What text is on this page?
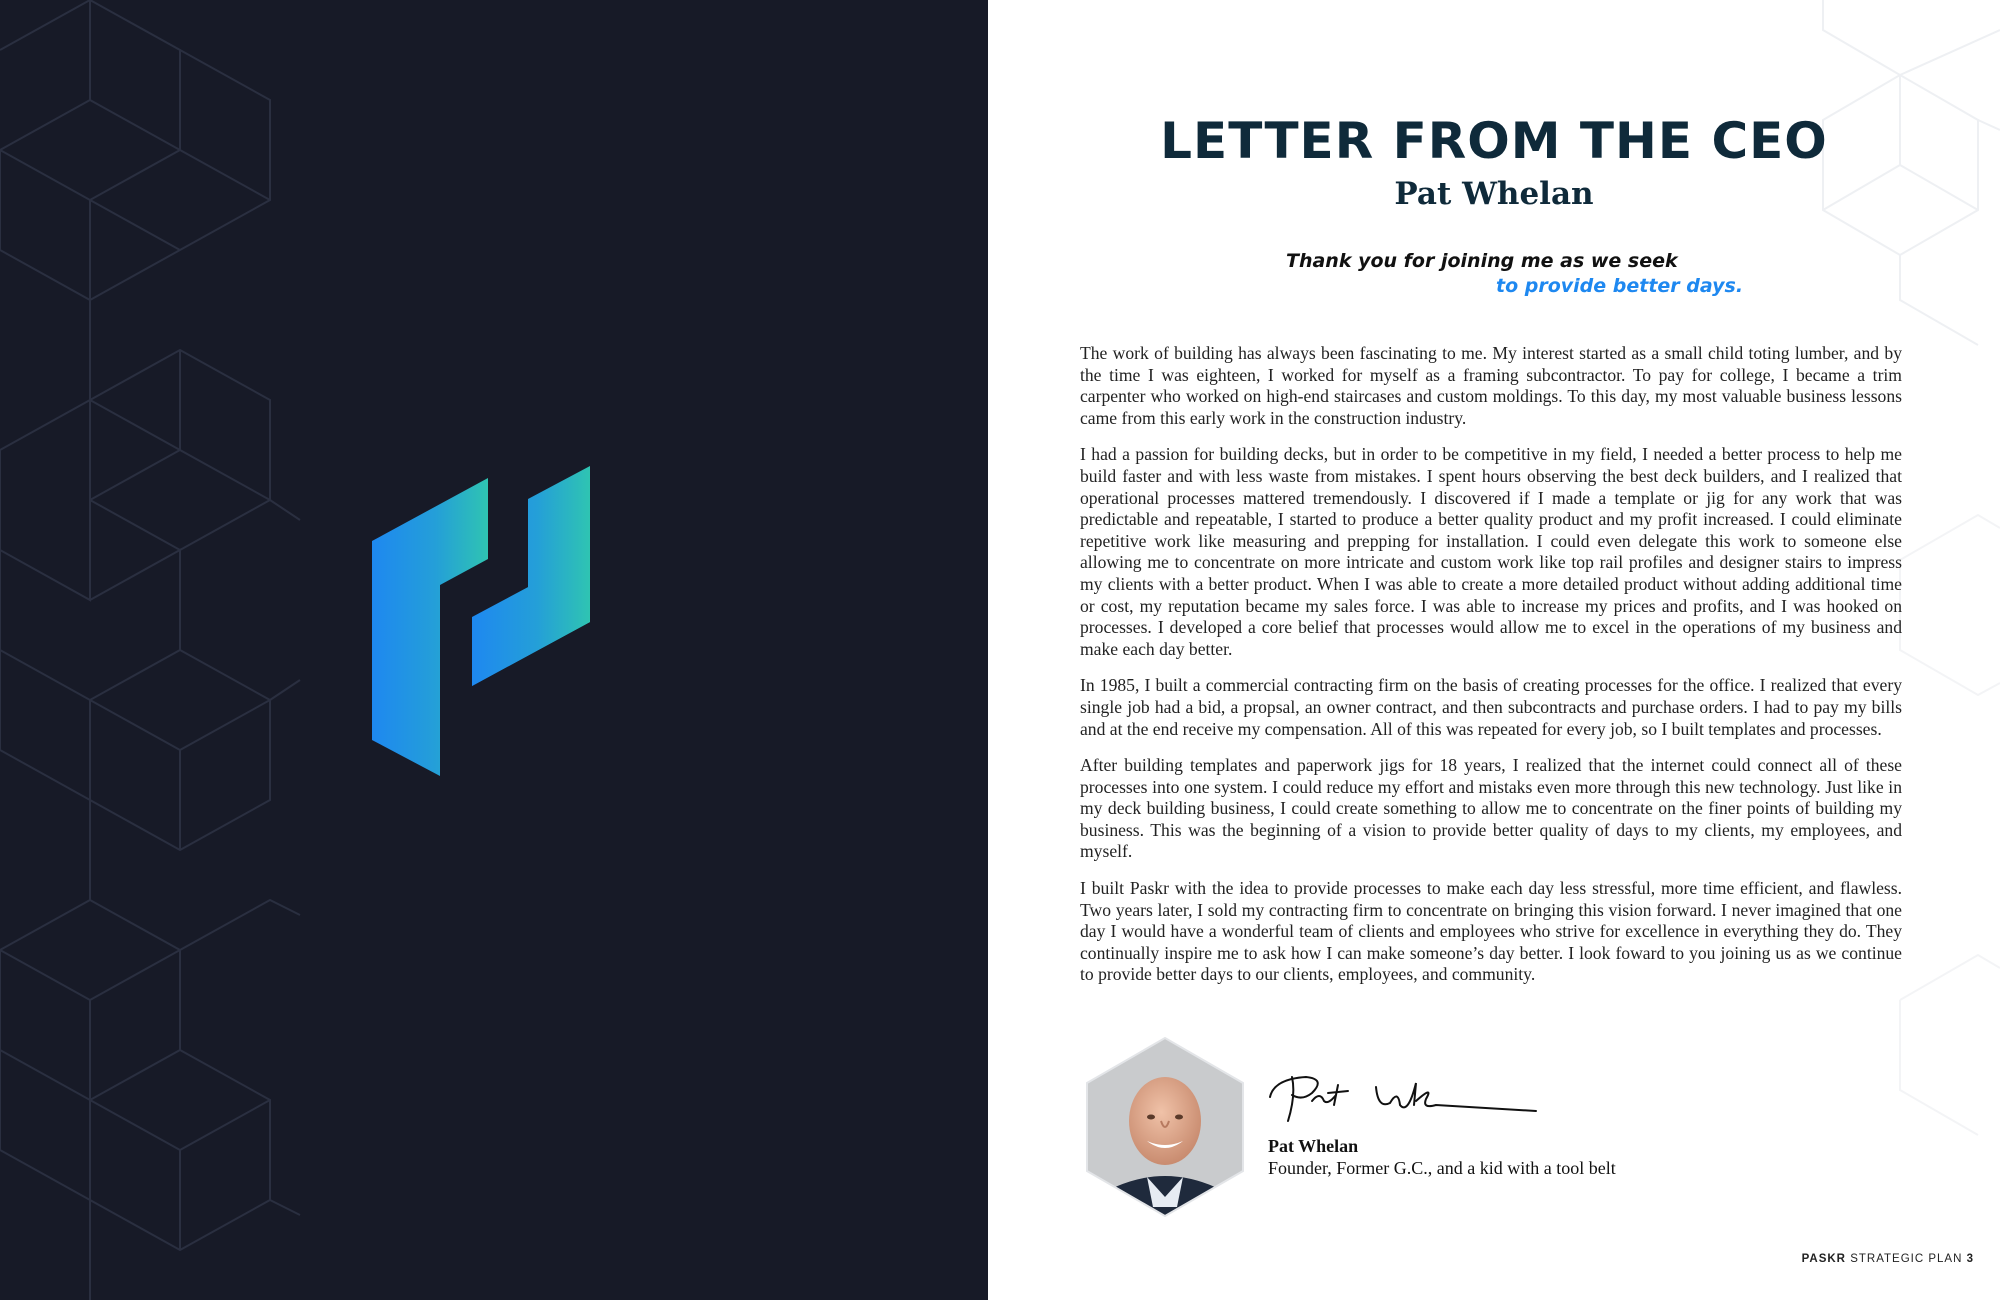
LETTER FROM THE CEO
Pat Whelan

Thank you for joining me as we seek

to provide better days.

The work of building has always been fascinating to me. My interest started as a small child toting lumber, and by the time I was eighteen, I worked for myself as a framing subcontractor. To pay for college, I became a trim carpenter who worked on high-end staircases and custom moldings. To this day, my most valuable business lessons came from this early work in the construction industry.

I had a passion for building decks, but in order to be competitive in my field, I needed a better process to help me build faster and with less waste from mistakes. I spent hours observing the best deck builders, and I realized that operational processes mattered tremendously. I discovered if I made a template or jig for any work that was predictable and repeatable, I started to produce a better quality product and my profit increased. I could eliminate repetitive work like measuring and prepping for installation. I could even delegate this work to someone else allowing me to concentrate on more intricate and custom work like top rail profiles and designer stairs to impress my clients with a better product. When I was able to create a more detailed product without adding additional time or cost, my reputation became my sales force. I was able to increase my prices and profits, and I was hooked on processes. I developed a core belief that processes would allow me to excel in the operations of my business and make each day better.

In 1985, I built a commercial contracting firm on the basis of creating processes for the office. I realized that every single job had a bid, a propsal, an owner contract, and then subcontracts and purchase orders. I had to pay my bills and at the end receive my compensation. All of this was repeated for every job, so I built templates and processes.

After building templates and paperwork jigs for 18 years, I realized that the internet could connect all of these processes into one system. I could reduce my effort and mistaks even more through this new technology. Just like in my deck building business, I could create something to allow me to concentrate on the finer points of building my business. This was the beginning of a vision to provide better quality of days to my clients, my employees, and myself.

I built Paskr with the idea to provide processes to make each day less stressful, more time efficient, and flawless. Two years later, I sold my contracting firm to concentrate on bringing this vision forward. I never imagined that one day I would have a wonderful team of clients and employees who strive for excellence in everything they do. They continually inspire me to ask how I can make someone’s day better. I look foward to you joining us as we continue to provide better days to our clients, employees, and community.

Pat Whelan

Founder, Former G.C., and a kid with a tool belt

PASKR STRATEGIC PLAN 3
